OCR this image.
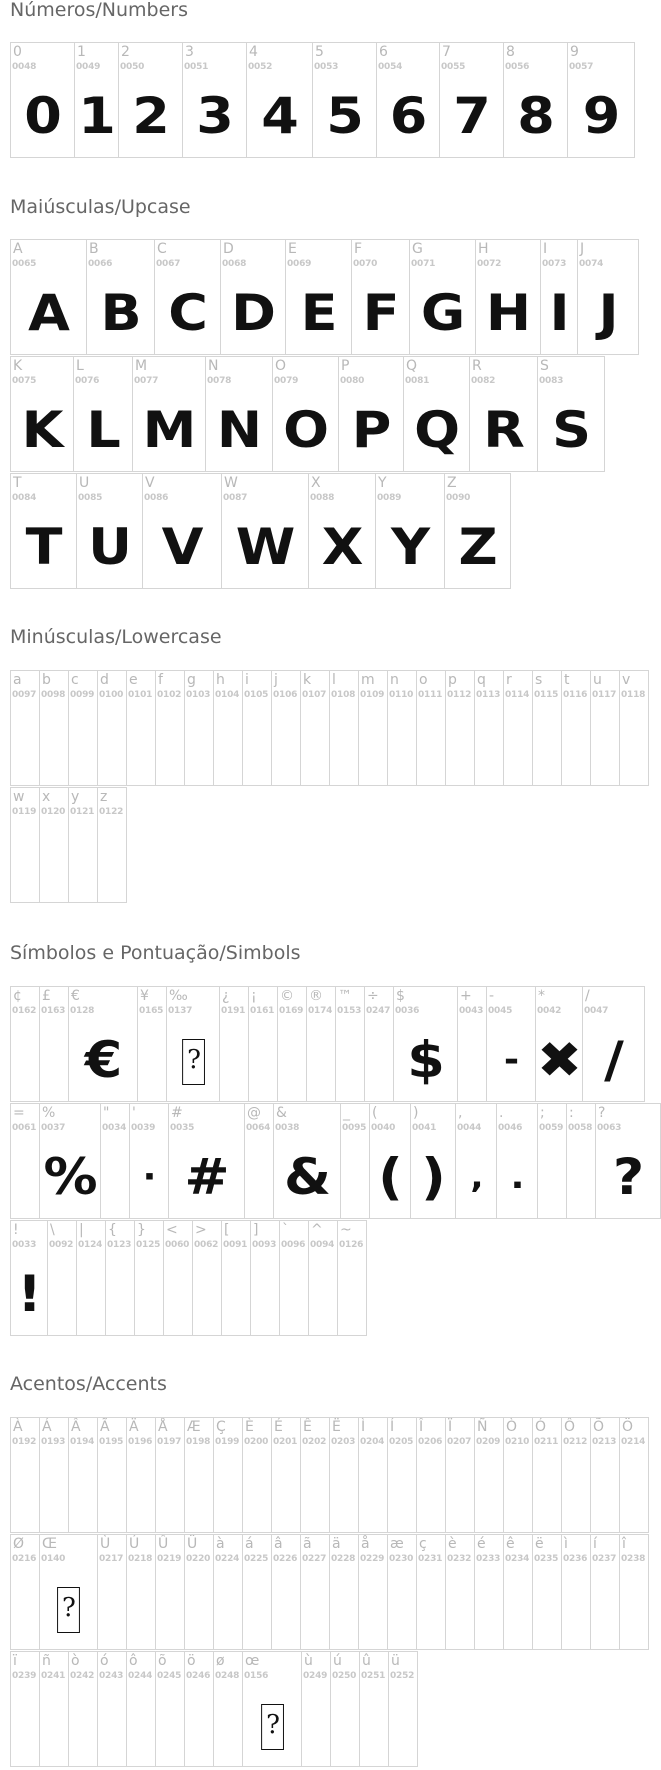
Números/Numbers
0
0048
0
1
0049
1
2
0050
2
3
0051
3
4
0052
4
5
0053
5
6
0054
6
7
0055
7
8
0056
8
9
0057
9
Maiúsculas/Upcase
A
0065
A
B
0066
B
C
0067
C
D
0068
D
E
0069
E
F
0070
F
G
0071
G
H
0072
H
I
0073
I
J
0074
J
K
0075
K
L
0076
L
M
0077
M
N
0078
N
O
0079
O
P
0080
P
Q
0081
Q
R
0082
R
S
0083
S
T
0084
T
U
0085
U
V
0086
V
W
0087
W
X
0088
X
Y
0089
Y
Z
0090
Z
Minúsculas/Lowercase
a
0097
b
0098
c
0099
d
0100
e
0101
f
0102
g
0103
h
0104
i
0105
j
0106
k
0107
l
0108
m
0109
n
0110
o
0111
p
0112
q
0113
r
0114
s
0115
t
0116
u
0117
v
0118
w
0119
x
0120
y
0121
z
0122
Símbolos e Pontuação/Simbols
¢
0162
£
0163
€
0128
€
¥
0165
‰
0137
?
¿
0191
¡
0161
©
0169
®
0174
™
0153
÷
0247
$
0036
$
+
0043
-
0045
-
*
0042
✖
/
0047
/
=
0061
%
0037
%
"
0034
'
0039
·
#
0035
#
@
0064
&
0038
&
_
0095
(
0040
(
)
0041
)
,
0044
‚
.
0046
.
;
0059
:
0058
?
0063
?
!
0033
!
\
0092
|
0124
{
0123
}
0125
<
0060
>
0062
[
0091
]
0093
`
0096
^
0094
~
0126
Acentos/Accents
À
0192
Á
0193
Â
0194
Ã
0195
Ä
0196
Å
0197
Æ
0198
Ç
0199
È
0200
É
0201
Ê
0202
Ë
0203
Ì
0204
Í
0205
Î
0206
Ï
0207
Ñ
0209
Ò
0210
Ó
0211
Ô
0212
Õ
0213
Ö
0214
Ø
0216
Œ
0140
?
Ù
0217
Ú
0218
Û
0219
Ü
0220
à
0224
á
0225
â
0226
ã
0227
ä
0228
å
0229
æ
0230
ç
0231
è
0232
é
0233
ê
0234
ë
0235
ì
0236
í
0237
î
0238
ï
0239
ñ
0241
ò
0242
ó
0243
ô
0244
õ
0245
ö
0246
ø
0248
œ
0156
?
ù
0249
ú
0250
û
0251
ü
0252
